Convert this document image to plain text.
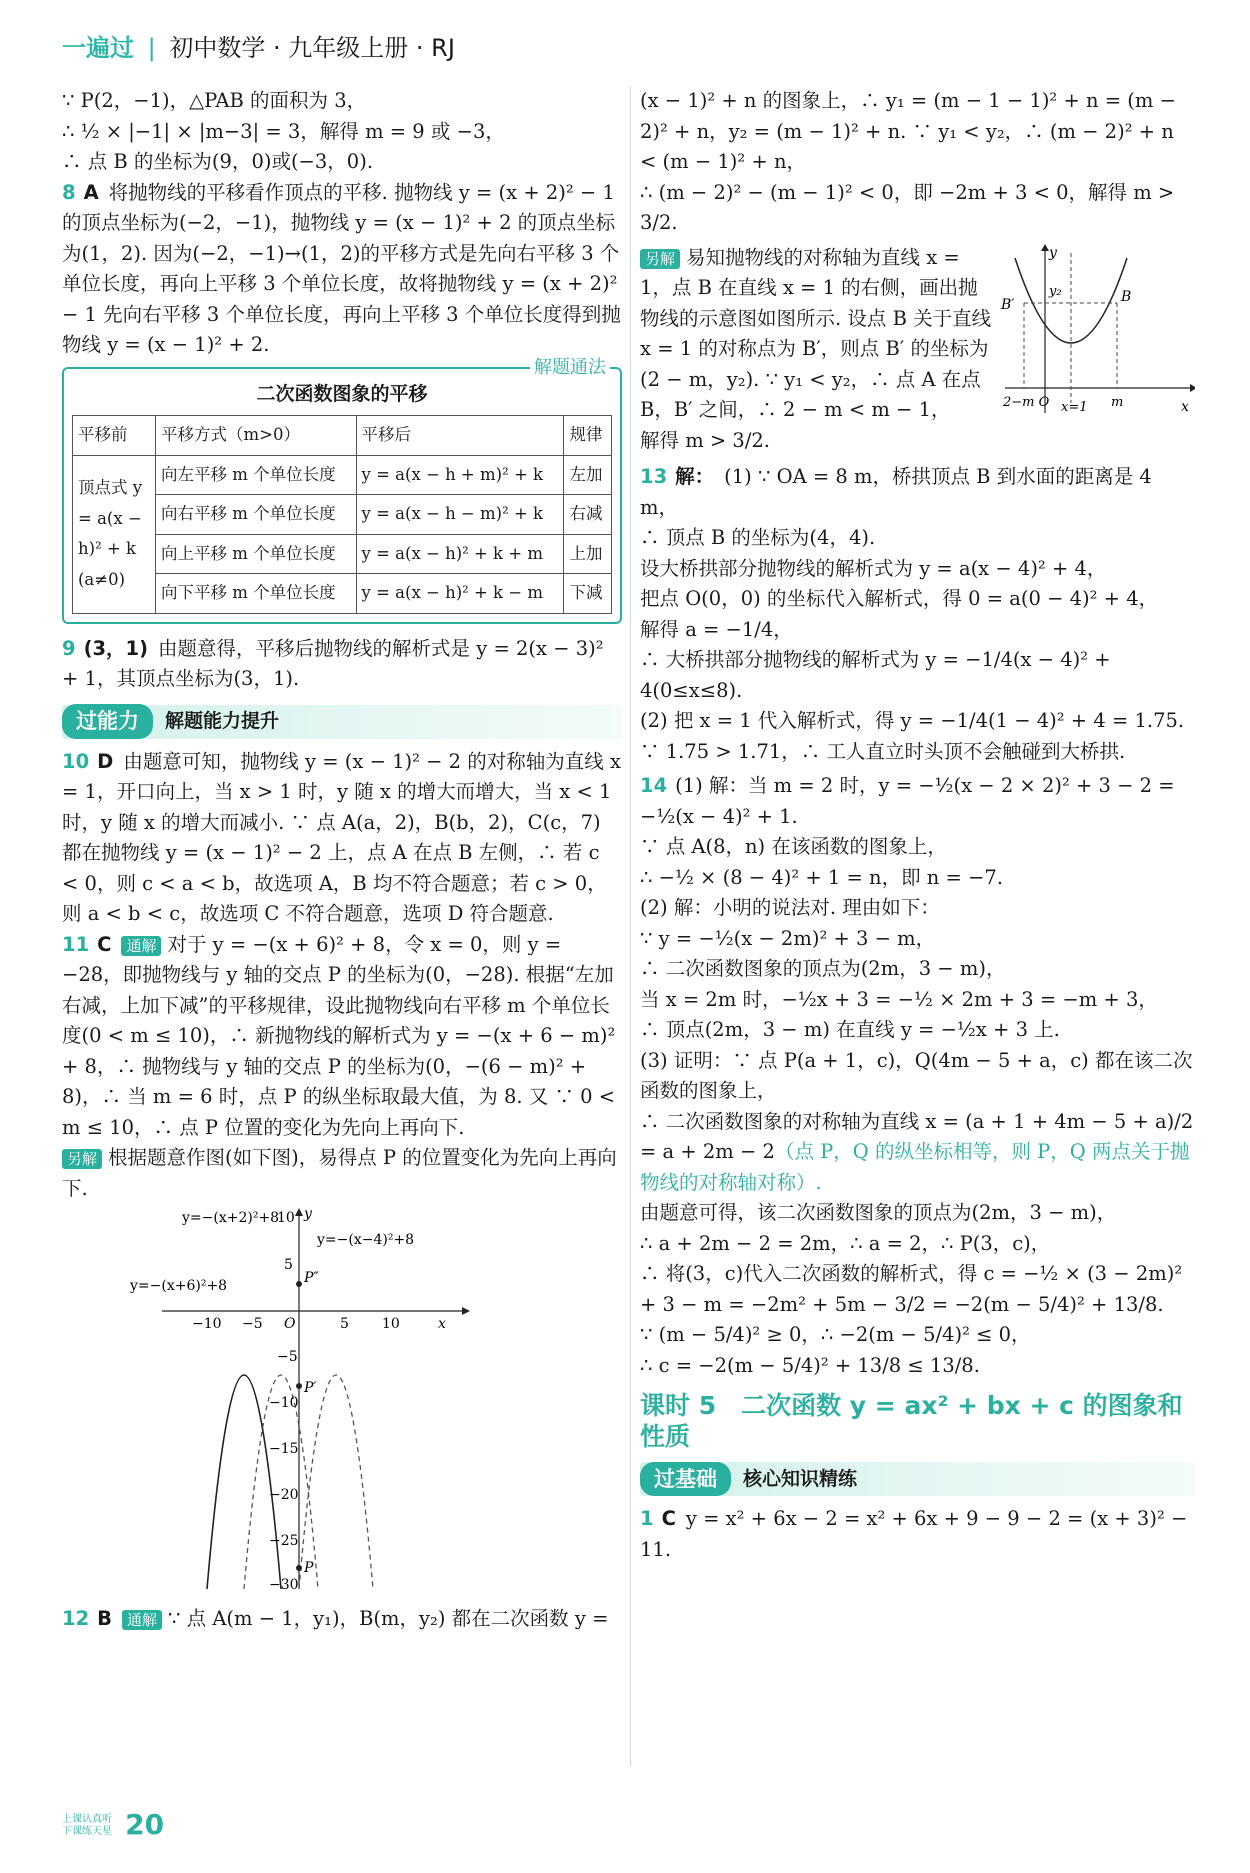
一遍过 | 初中数学 · 九年级上册 · RJ

∵ P(2，−1)，△PAB 的面积为 3，

∴ ½ × |−1| × |m−3| = 3，解得 m = 9 或 −3，

∴ 点 B 的坐标为(9，0)或(−3，0).

8 A 将抛物线的平移看作顶点的平移. 抛物线 y = (x + 2)² − 1 的顶点坐标为(−2，−1)，抛物线 y = (x − 1)² + 2 的顶点坐标为(1，2). 因为(−2，−1)→(1，2)的平移方式是先向右平移 3 个单位长度，再向上平移 3 个单位长度，故将抛物线 y = (x + 2)² − 1 先向右平移 3 个单位长度，再向上平移 3 个单位长度得到抛物线 y = (x − 1)² + 2.

解题通法
二次函数图象的平移
平移前	平移方式（m>0）	平移后	规律
顶点式 y = a(x − h)² + k (a≠0)	向左平移 m 个单位长度	y = a(x − h + m)² + k	左加
	向右平移 m 个单位长度	y = a(x − h − m)² + k	右减
	向上平移 m 个单位长度	y = a(x − h)² + k + m	上加
	向下平移 m 个单位长度	y = a(x − h)² + k − m	下减

9 (3，1) 由题意得，平移后抛物线的解析式是 y = 2(x − 3)² + 1，其顶点坐标为(3，1).

过能力	解题能力提升

10 D 由题意可知，抛物线 y = (x − 1)² − 2 的对称轴为直线 x = 1，开口向上，当 x > 1 时，y 随 x 的增大而增大，当 x < 1 时，y 随 x 的增大而减小. ∵ 点 A(a，2)，B(b，2)，C(c，7) 都在抛物线 y = (x − 1)² − 2 上，点 A 在点 B 左侧，∴ 若 c < 0，则 c < a < b，故选项 A，B 均不符合题意；若 c > 0，则 a < b < c，故选项 C 不符合题意，选项 D 符合题意.

11 C 通解 对于 y = −(x + 6)² + 8，令 x = 0，则 y = −28，即抛物线与 y 轴的交点 P 的坐标为(0，−28). 根据“左加右减，上加下减”的平移规律，设此抛物线向右平移 m 个单位长度(0 < m ≤ 10)，∴ 新抛物线的解析式为 y = −(x + 6 − m)² + 8，∴ 抛物线与 y 轴的交点 P 的坐标为(0，−(6 − m)² + 8)，∴ 当 m = 6 时，点 P 的纵坐标取最大值，为 8. 又 ∵ 0 < m ≤ 10，∴ 点 P 位置的变化为先向上再向下.

另解 根据题意作图(如下图)，易得点 P 的位置变化为先向上再向下.

y=−(x+2)²+8
y=−(x−4)²+8
y=−(x+6)²+8
y
x
O
−10 −5	5 10
10
5
−5
−10
−15
−20
−25
−30
P″
P′
P

12 B 通解 ∵ 点 A(m − 1，y₁)，B(m，y₂) 都在二次函数 y =

(x − 1)² + n 的图象上，∴ y₁ = (m − 1 − 1)² + n = (m − 2)² + n，y₂ = (m − 1)² + n. ∵ y₁ < y₂，∴ (m − 2)² + n < (m − 1)² + n，

∴ (m − 2)² − (m − 1)² < 0，即 −2m + 3 < 0，解得 m > 3/2.

另解 易知抛物线的对称轴为直线 x = 1，点 B 在直线 x = 1 的右侧，画出抛物线的示意图如图所示. 设点 B 关于直线 x = 1 的对称点为 B′，则点 B′ 的坐标为(2 − m，y₂). ∵ y₁ < y₂，∴ 点 A 在点 B，B′ 之间，∴ 2 − m < m − 1，

解得 m > 3/2.

y
x
y₂	B
B′
2−m O x=1 m

13 解： (1) ∵ OA = 8 m，桥拱顶点 B 到水面的距离是 4 m，

∴ 顶点 B 的坐标为(4，4).

设大桥拱部分抛物线的解析式为 y = a(x − 4)² + 4，

把点 O(0，0) 的坐标代入解析式，得 0 = a(0 − 4)² + 4，

解得 a = −1/4，

∴ 大桥拱部分抛物线的解析式为 y = −1/4(x − 4)² + 4(0≤x≤8).

(2) 把 x = 1 代入解析式，得 y = −1/4(1 − 4)² + 4 = 1.75.

∵ 1.75 > 1.71，∴ 工人直立时头顶不会触碰到大桥拱.

14 (1) 解：当 m = 2 时，y = −½(x − 2 × 2)² + 3 − 2 = −½(x − 4)² + 1.

∵ 点 A(8，n) 在该函数的图象上，

∴ −½ × (8 − 4)² + 1 = n，即 n = −7.

(2) 解：小明的说法对. 理由如下：

∵ y = −½(x − 2m)² + 3 − m，

∴ 二次函数图象的顶点为(2m，3 − m)，

当 x = 2m 时，−½x + 3 = −½ × 2m + 3 = −m + 3，

∴ 顶点(2m，3 − m) 在直线 y = −½x + 3 上.

(3) 证明：∵ 点 P(a + 1，c)，Q(4m − 5 + a，c) 都在该二次函数的图象上，

∴ 二次函数图象的对称轴为直线 x = (a + 1 + 4m − 5 + a)/2 = a + 2m − 2（点 P，Q 的纵坐标相等，则 P，Q 两点关于抛物线的对称轴对称）.

由题意可得，该二次函数图象的顶点为(2m，3 − m)，

∴ a + 2m − 2 = 2m，∴ a = 2，∴ P(3，c)，

∴ 将(3，c)代入二次函数的解析式，得 c = −½ × (3 − 2m)² + 3 − m = −2m² + 5m − 3/2 = −2(m − 5/4)² + 13/8.

∵ (m − 5/4)² ≥ 0，∴ −2(m − 5/4)² ≤ 0，

∴ c = −2(m − 5/4)² + 13/8 ≤ 13/8.

课时 5　二次函数 y = ax² + bx + c 的图象和性质
过基础	核心知识精练

1 C y = x² + 6x − 2 = x² + 6x + 9 − 9 − 2 = (x + 3)² − 11.

上课认真听
下课练天星 20
